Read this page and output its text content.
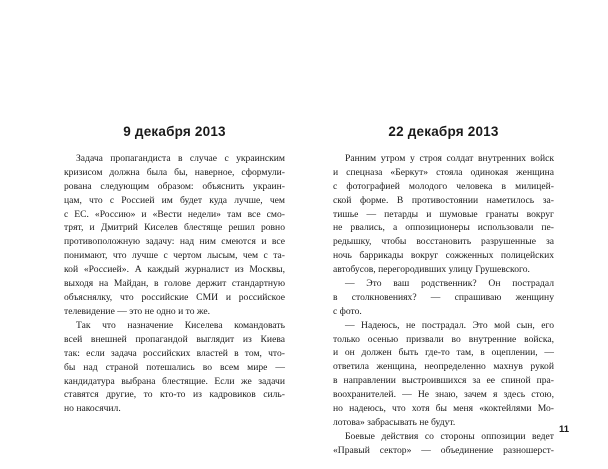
9 декабря 2013
Задача пропагандиста в случае с украинским
кризисом должна была бы, наверное, сформули-
рована следующим образом: объяснить украин-
цам, что с Россией им будет куда лучше, чем
с ЕС. «Россию» и «Вести недели» там все смо-
трят, и Дмитрий Киселев блестяще решил ровно
противоположную задачу: над ним смеются и все
понимают, что лучше с чертом лысым, чем с та-
кой «Россией». А каждый журналист из Москвы,
выходя на Майдан, в голове держит стандартную
объяснялку, что российские СМИ и российское
телевидение — это не одно и то же.
Так что назначение Киселева командовать
всей внешней пропагандой выглядит из Киева
так: если задача российских властей в том, что-
бы над страной потешались во всем мире —
кандидатура выбрана блестящие. Если же задачи
ставятся другие, то кто-то из кадровиков силь-
но накосячил.
22 декабря 2013
Ранним утром у строя солдат внутренних войск
и спецназа «Беркут» стояла одинокая женщина
с фотографией молодого человека в милицей-
ской форме. В противостоянии наметилось за-
тишье — петарды и шумовые гранаты вокруг
не рвались, а оппозиционеры использовали пе-
редышку, чтобы восстановить разрушенные за
ночь баррикады вокруг сожженных полицейских
автобусов, перегородивших улицу Грушевского.
— Это ваш родственник? Он пострадал
в столкновениях? — спрашиваю женщину
с фото.
— Надеюсь, не пострадал. Это мой сын, его
только осенью призвали во внутренние войска,
и он должен быть где-то там, в оцеплении, —
ответила женщина, неопределенно махнув рукой
в направлении выстроившихся за ее спиной пра-
воохранителей. — Не знаю, зачем я здесь стою,
но надеюсь, что хотя бы меня «коктейлями Мо-
лотова» забрасывать не будут.
Боевые действия со стороны оппозиции ведет
«Правый сектор» — объединение разношерст-
11
